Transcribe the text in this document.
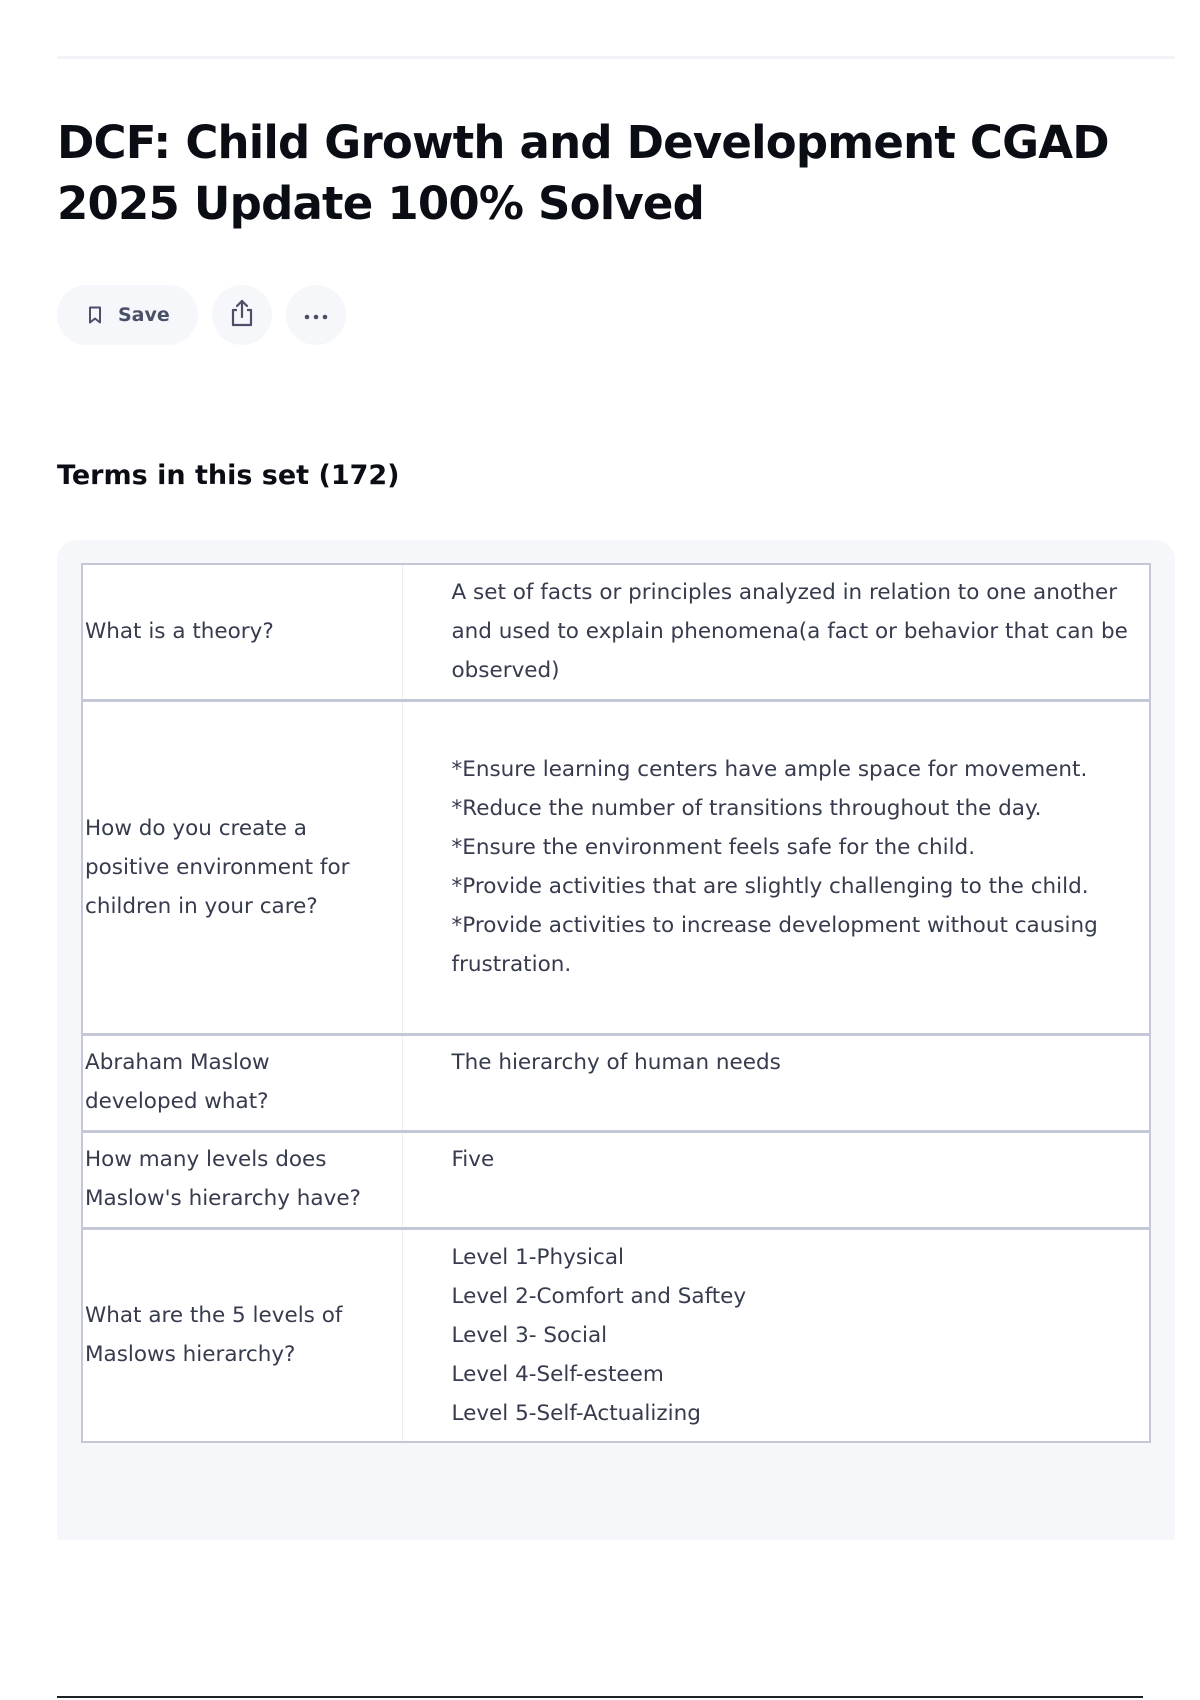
DCF: Child Growth and Development CGAD 2025 Update 100% Solved
Save
Terms in this set (172)
What is a theory?	A set of facts or principles analyzed in relation to one another and used to explain phenomena(a fact or behavior that can be observed)

How do you create a positive environment for children in your care?	*Ensure learning centers have ample space for movement.
*Reduce the number of transitions throughout the day.
*Ensure the environment feels safe for the child.
*Provide activities that are slightly challenging to the child.
*Provide activities to increase development without causing frustration.

Abraham Maslow developed what?	The hierarchy of human needs

How many levels does Maslow's hierarchy have?	Five

What are the 5 levels of Maslows hierarchy?	Level 1-Physical
Level 2-Comfort and Saftey
Level 3- Social
Level 4-Self-esteem
Level 5-Self-Actualizing
